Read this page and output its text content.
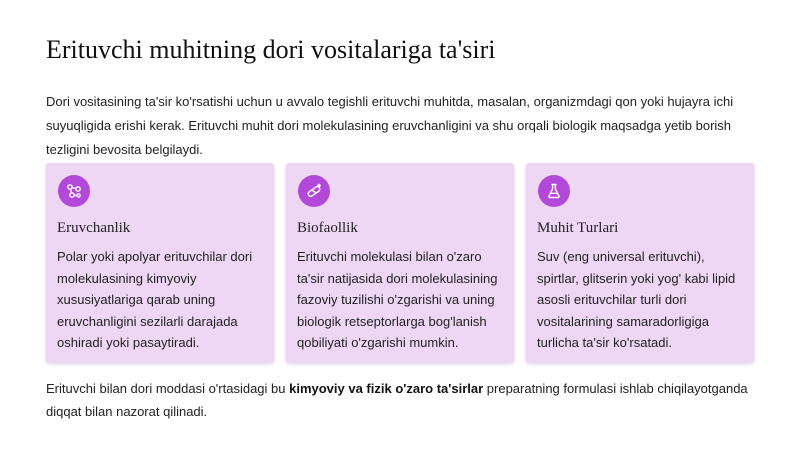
Erituvchi muhitning dori vositalariga ta'siri

Dori vositasining ta'sir ko'rsatishi uchun u avvalo tegishli erituvchi muhitda, masalan, organizmdagi qon yoki hujayra ichi suyuqligida erishi kerak. Erituvchi muhit dori molekulasining eruvchanligini va shu orqali biologik maqsadga yetib borish tezligini bevosita belgilaydi.

Eruvchanlik

Polar yoki apolyar erituvchilar dori molekulasining kimyoviy xususiyatlariga qarab uning eruvchanligini sezilarli darajada oshiradi yoki pasaytiradi.

Biofaollik

Erituvchi molekulasi bilan o'zaro ta'sir natijasida dori molekulasining fazoviy tuzilishi o'zgarishi va uning biologik retseptorlarga bog'lanish qobiliyati o'zgarishi mumkin.

Muhit Turlari

Suv (eng universal erituvchi), spirtlar, glitserin yoki yog' kabi lipid asosli erituvchilar turli dori vositalarining samaradorligiga turlicha ta'sir ko'rsatadi.

Erituvchi bilan dori moddasi o'rtasidagi bu kimyoviy va fizik o'zaro ta'sirlar preparatning formulasi ishlab chiqilayotganda diqqat bilan nazorat qilinadi.
